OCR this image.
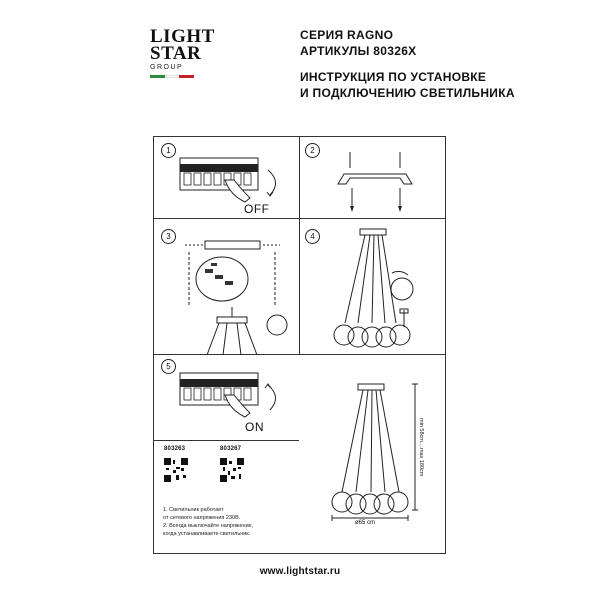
LIGHT
STAR
GROUP
СЕРИЯ RAGNO
АРТИКУЛЫ 80326X
ИНСТРУКЦИЯ ПО УСТАНОВКЕ
И ПОДКЛЮЧЕНИЮ СВЕТИЛЬНИКА
1	2
3	4
5
OFF
ON
803263	803267
1. Светильник работает
от сетевого напряжения 230В.
2. Всегда выключайте напряжение,
когда устанавливаете светильник.
min 58cm....max 180cm
ø65 cm
www.lightstar.ru
